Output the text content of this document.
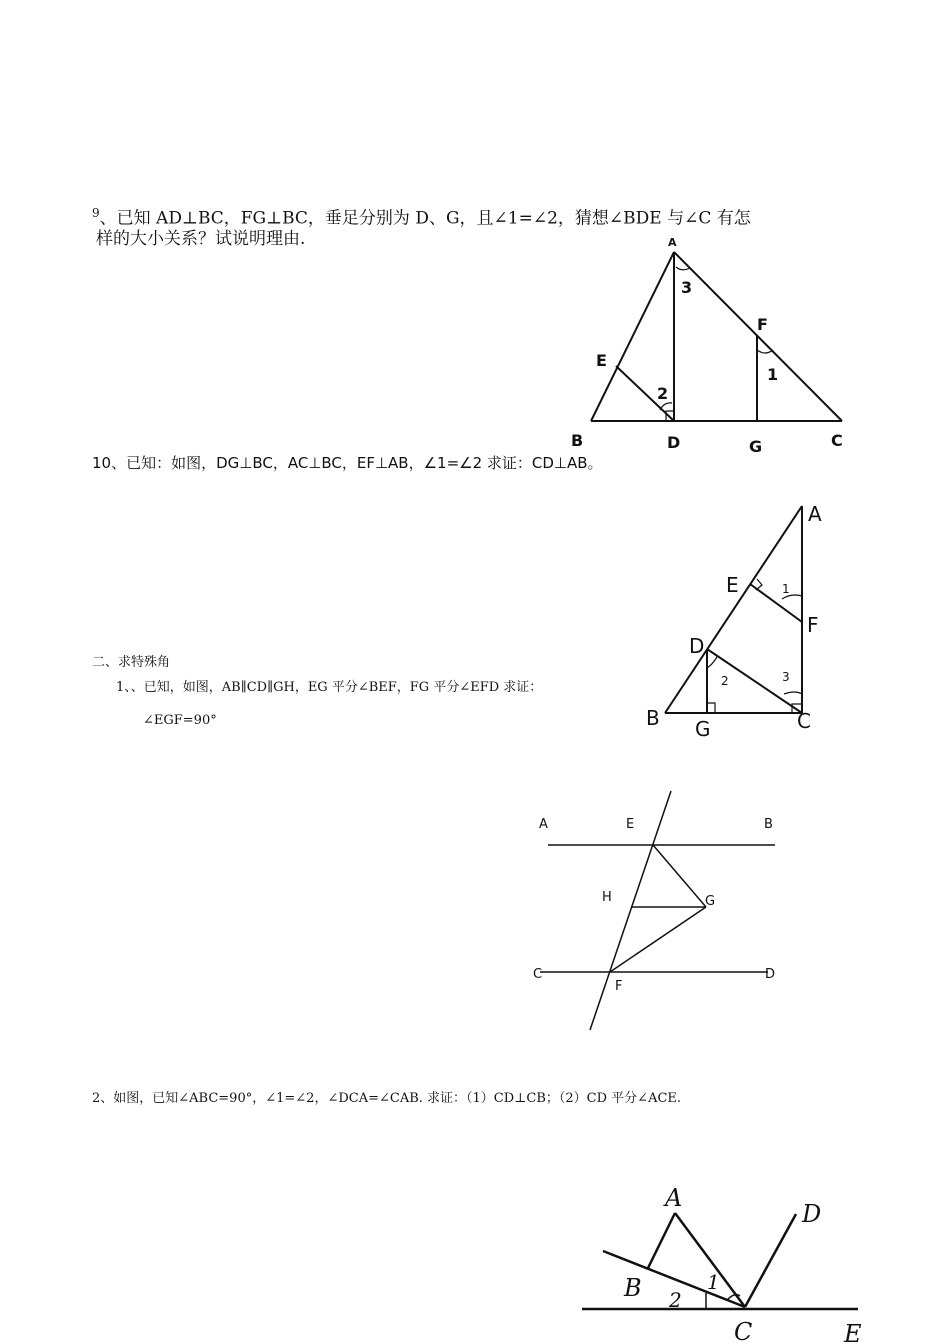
$^9$、已知 AD⊥BC，FG⊥BC，垂足分别为 D、G，且∠1=∠2，猜想∠BDE 与∠C 有怎
样的大小关系？试说明理由.	A
B	C
D
E
F
G
1
2
3
10、已知：如图，DG⊥BC，AC⊥BC，EF⊥AB，∠1=∠2 求证：CD⊥AB。
A
B	C
D
E
F
G
1
2	3
二、求特殊角
1、、已知，如图，AB∥CD∥GH，EG 平分∠BEF，FG 平分∠EFD 求证：
∠EGF=90°
A	E	B
H	G
C	D
F
2、如图，已知∠ABC=90°，∠1=∠2，∠DCA=∠CAB. 求证：（1）CD⊥CB；（2）CD 平分∠ACE.
A
B
C
D
E
1
2
